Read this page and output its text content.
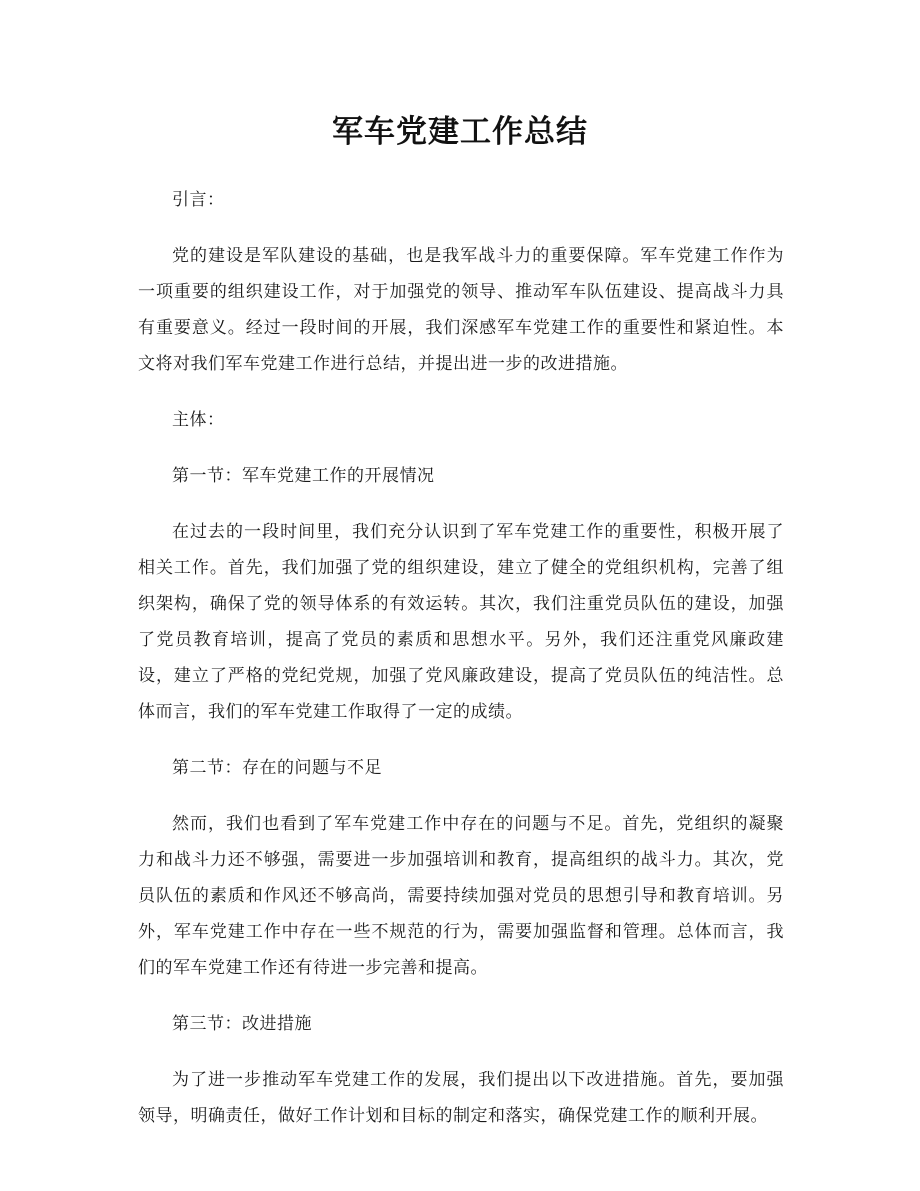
军车党建工作总结

引言：

党的建设是军队建设的基础，也是我军战斗力的重要保障。军车党建工作作为一项重要的组织建设工作，对于加强党的领导、推动军车队伍建设、提高战斗力具有重要意义。经过一段时间的开展，我们深感军车党建工作的重要性和紧迫性。本文将对我们军车党建工作进行总结，并提出进一步的改进措施。

主体：

第一节：军车党建工作的开展情况

在过去的一段时间里，我们充分认识到了军车党建工作的重要性，积极开展了相关工作。首先，我们加强了党的组织建设，建立了健全的党组织机构，完善了组织架构，确保了党的领导体系的有效运转。其次，我们注重党员队伍的建设，加强了党员教育培训，提高了党员的素质和思想水平。另外，我们还注重党风廉政建设，建立了严格的党纪党规，加强了党风廉政建设，提高了党员队伍的纯洁性。总体而言，我们的军车党建工作取得了一定的成绩。

第二节：存在的问题与不足

然而，我们也看到了军车党建工作中存在的问题与不足。首先，党组织的凝聚力和战斗力还不够强，需要进一步加强培训和教育，提高组织的战斗力。其次，党员队伍的素质和作风还不够高尚，需要持续加强对党员的思想引导和教育培训。另外，军车党建工作中存在一些不规范的行为，需要加强监督和管理。总体而言，我们的军车党建工作还有待进一步完善和提高。

第三节：改进措施

为了进一步推动军车党建工作的发展，我们提出以下改进措施。首先，要加强领导，明确责任，做好工作计划和目标的制定和落实，确保党建工作的顺利开展。
